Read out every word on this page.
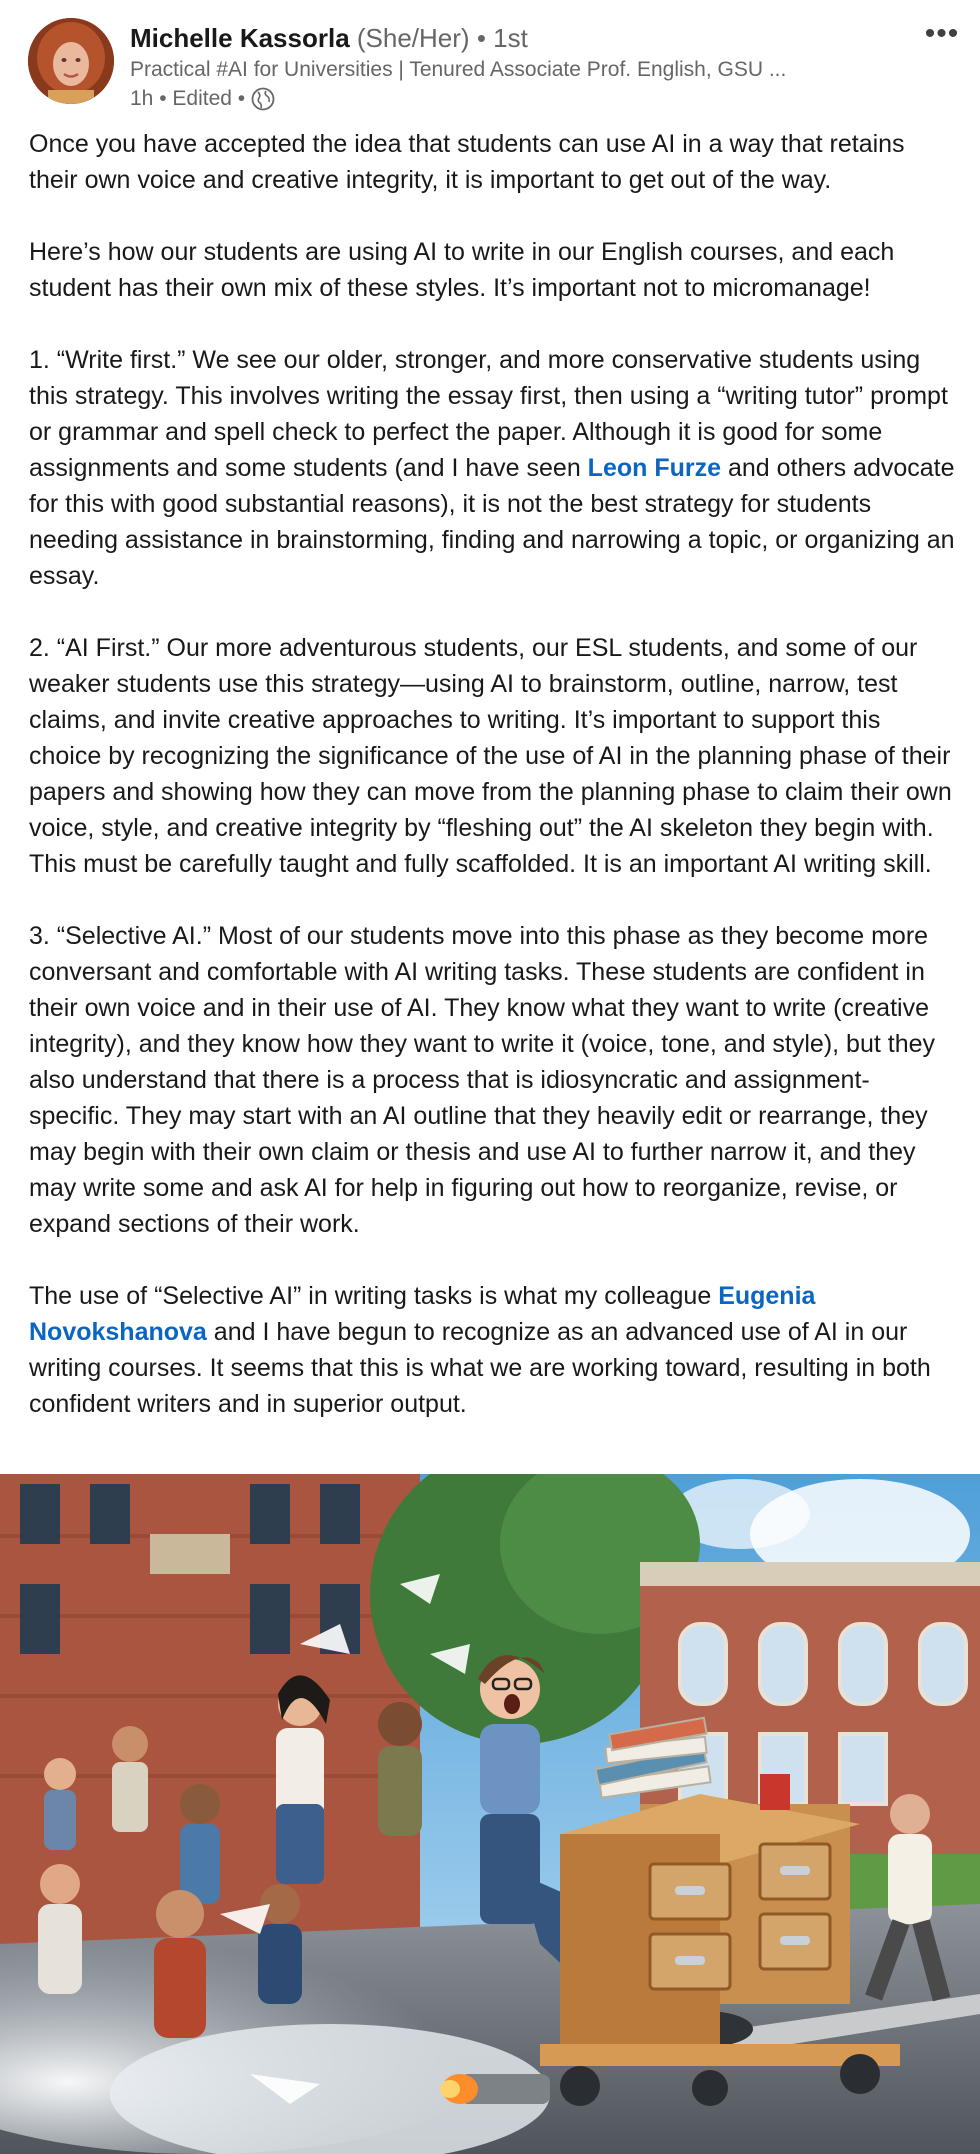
Michelle Kassorla (She/Her) • 1st
Practical #AI for Universities | Tenured Associate Prof. English, GSU ...
1h • Edited •
•••

Once you have accepted the idea that students can use AI in a way that retains their own voice and creative integrity, it is important to get out of the way.

Here’s how our students are using AI to write in our English courses, and each student has their own mix of these styles. It’s important not to micromanage!

1. “Write first.” We see our older, stronger, and more conservative students using this strategy. This involves writing the essay first, then using a “writing tutor” prompt or grammar and spell check to perfect the paper. Although it is good for some assignments and some students (and I have seen Leon Furze and others advocate for this with good substantial reasons), it is not the best strategy for students needing assistance in brainstorming, finding and narrowing a topic, or organizing an essay.

2. “AI First.” Our more adventurous students, our ESL students, and some of our weaker students use this strategy—using AI to brainstorm, outline, narrow, test claims, and invite creative approaches to writing. It’s important to support this choice by recognizing the significance of the use of AI in the planning phase of their papers and showing how they can move from the planning phase to claim their own voice, style, and creative integrity by “fleshing out” the AI skeleton they begin with. This must be carefully taught and fully scaffolded. It is an important AI writing skill.

3. “Selective AI.” Most of our students move into this phase as they become more conversant and comfortable with AI writing tasks. These students are confident in their own voice and in their use of AI. They know what they want to write (creative integrity), and they know how they want to write it (voice, tone, and style), but they also understand that there is a process that is idiosyncratic and assignment-specific. They may start with an AI outline that they heavily edit or rearrange, they may begin with their own claim or thesis and use AI to further narrow it, and they may write some and ask AI for help in figuring out how to reorganize, revise, or expand sections of their work.

The use of “Selective AI” in writing tasks is what my colleague Eugenia Novokshanova and I have begun to recognize as an advanced use of AI in our writing courses. It seems that this is what we are working toward, resulting in both confident writers and in superior output.
